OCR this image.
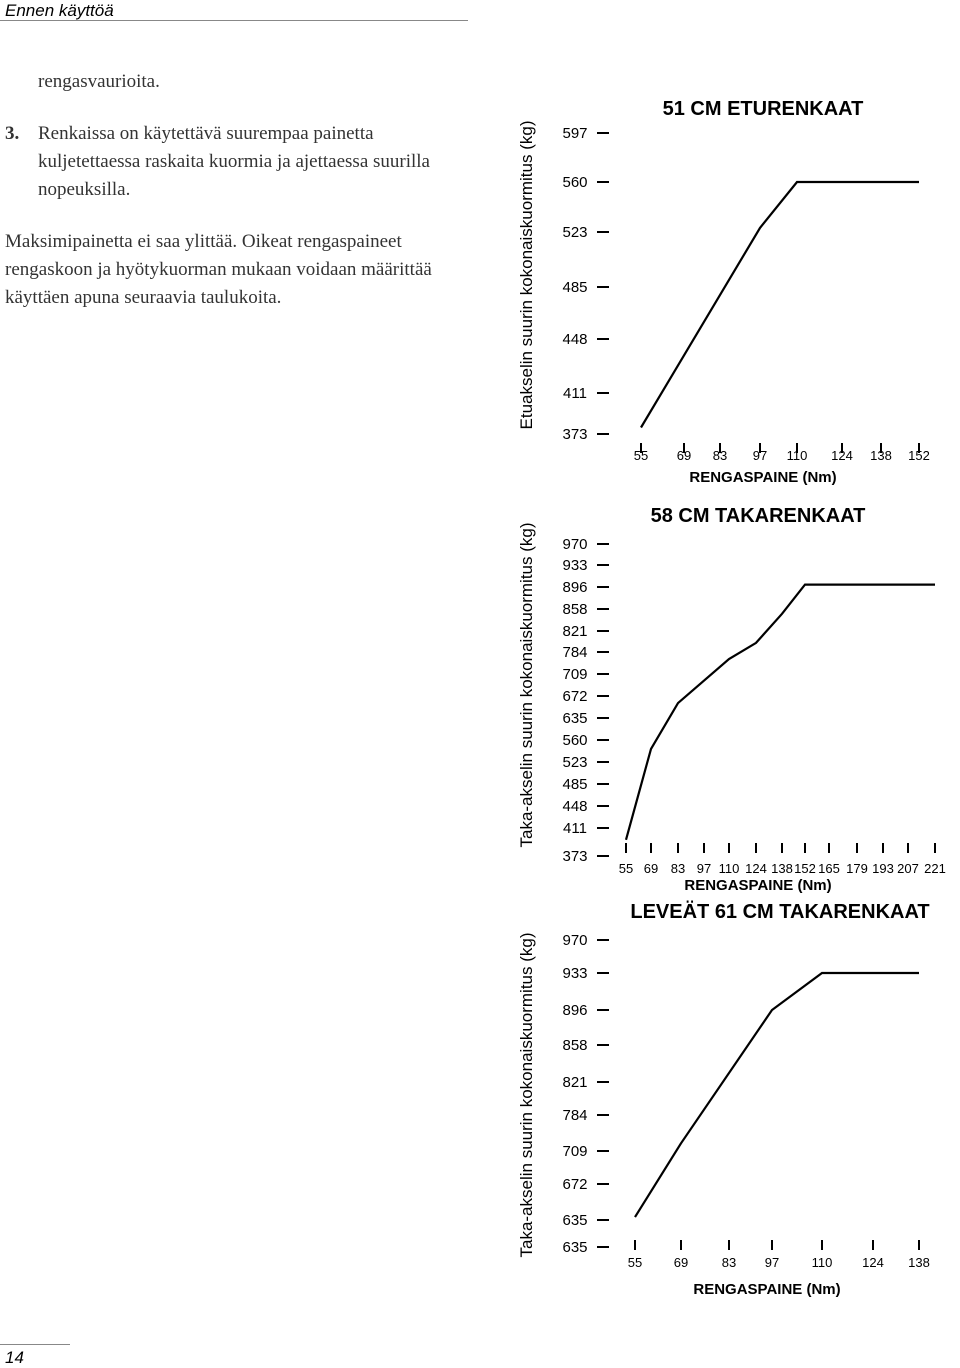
Ennen käyttöä
rengasvaurioita.
3. Renkaissa on käytettävä suurempaa painetta kuljetettaessa raskaita kuormia ja ajettaessa suurilla nopeuksilla.
Maksimipainetta ei saa ylittää. Oikeat rengaspaineet rengaskoon ja hyötykuorman mukaan voidaan määrittää käyttäen apuna seuraavia taulukoita.
51 CM ETURENKAAT
Etuakselin suurin kokonaiskuormitus (kg) 597
560
523
485
448
411
373
55 69 83 97 110 124 138 152
RENGASPAINE (Nm)
58 CM TAKARENKAAT
Taka-akselin suurin kokonaiskuormitus (kg) 970
933
896
858
821
784
709
672
635
560
523
485
448
411
373
55 69 83 97 110 124 138 152 165 179 193 207 221
RENGASPAINE (Nm)
LEVEÄT 61 CM TAKARENKAAT
Taka-akselin suurin kokonaiskuormitus (kg) 970
933
896
858
821
784
709
672
635
635
55 69	83 97 110 124 138
RENGASPAINE (Nm)
14
